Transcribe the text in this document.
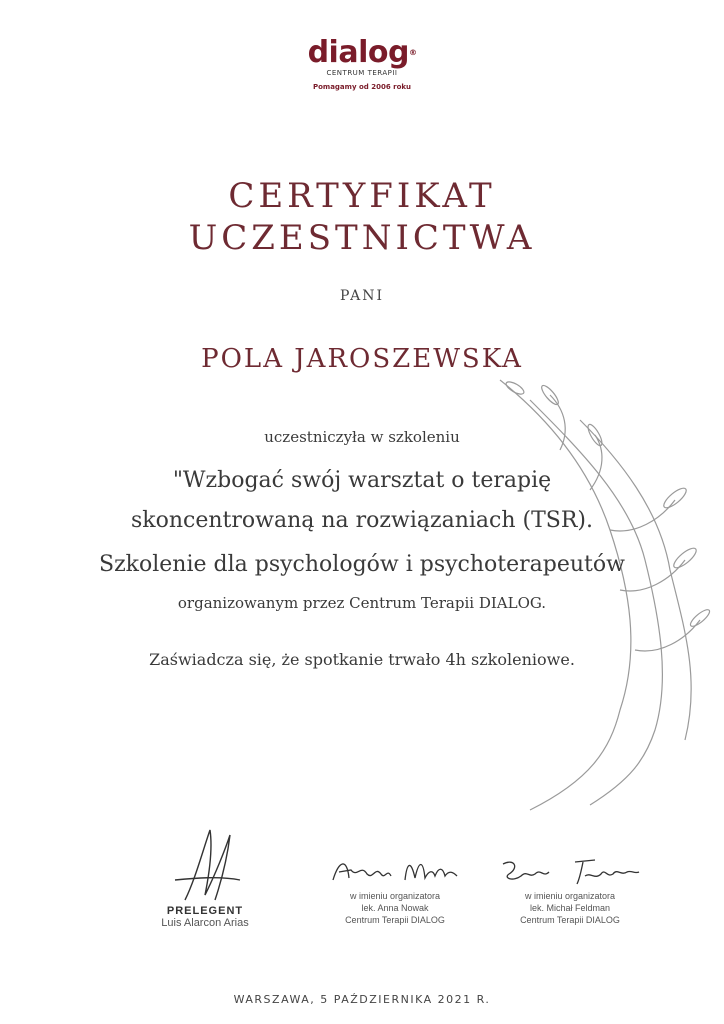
dialog®
CENTRUM TERAPII
Pomagamy od 2006 roku
CERTYFIKAT
UCZESTNICTWA
PANI
POLA JAROSZEWSKA
uczestniczyła w szkoleniu
"Wzbogać swój warsztat o terapię
skoncentrowaną na rozwiązaniach (TSR).
Szkolenie dla psychologów i psychoterapeutów
organizowanym przez Centrum Terapii DIALOG.
Zaświadcza się, że spotkanie trwało 4h szkoleniowe.
PRELEGENT
Luis Alarcon Arias
w imieniu organizatora
lek. Anna Nowak
Centrum Terapii DIALOG
w imieniu organizatora
lek. Michał Feldman
Centrum Terapii DIALOG
WARSZAWA, 5 PAŹDZIERNIKA 2021 R.
